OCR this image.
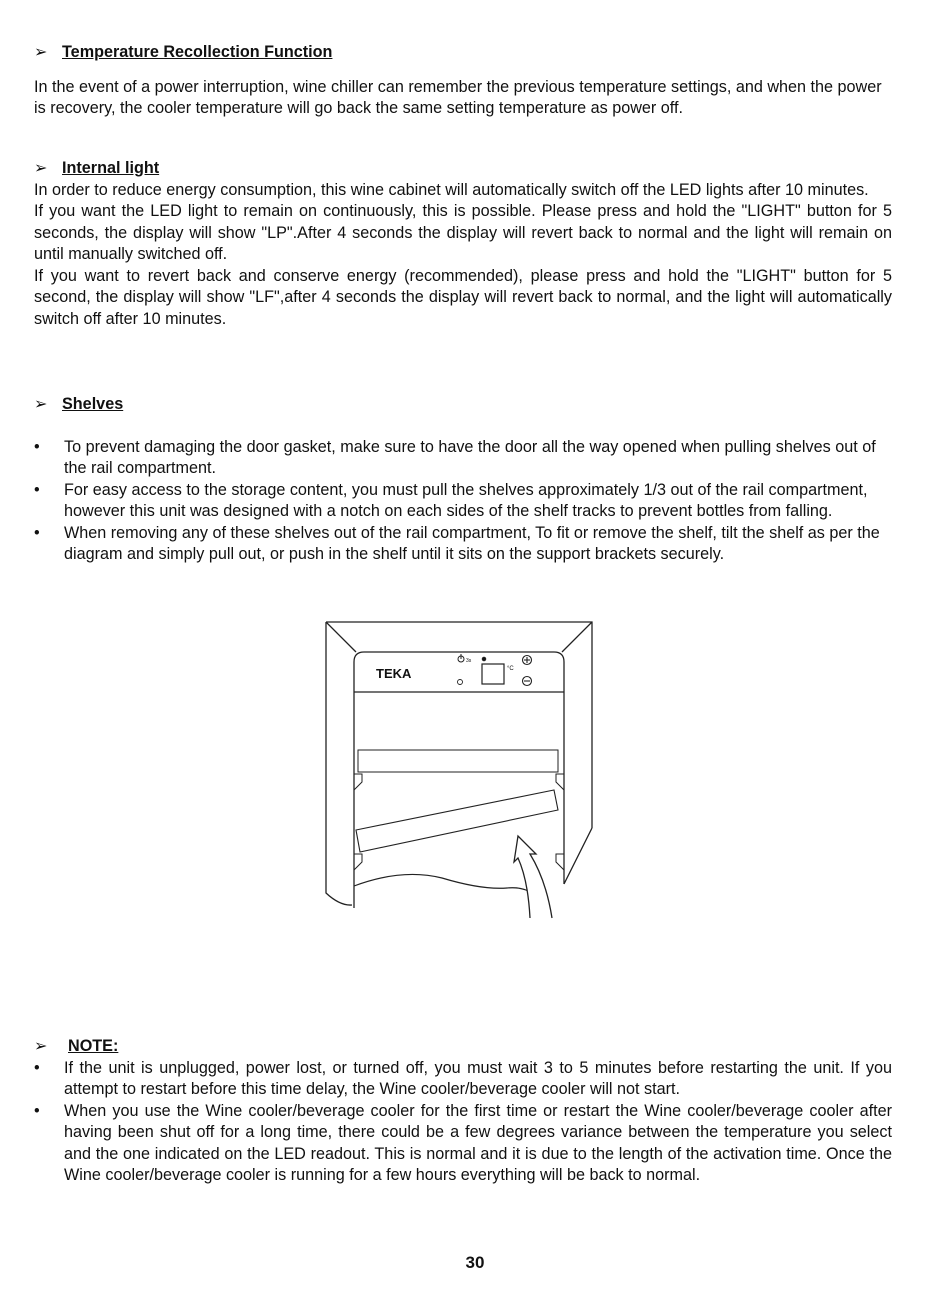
➢ Temperature Recollection Function

In the event of a power interruption, wine chiller can remember the previous temperature settings, and when the power is recovery, the cooler temperature will go back the same setting temperature as power off.

➢ Internal light

In order to reduce energy consumption, this wine cabinet will automatically switch off the LED lights after 10 minutes.

If you want the LED light to remain on continuously, this is possible. Please press and hold the "LIGHT" button for 5 seconds, the display will show "LP".After 4 seconds the display will revert back to normal and the light will remain on until manually switched off.

If you want to revert back and conserve energy (recommended), please press and hold the "LIGHT" button for 5 second, the display will show "LF",after 4 seconds the display will revert back to normal, and the light will automatically switch off after 10 minutes.

➢ Shelves
• To prevent damaging the door gasket, make sure to have the door all the way opened when pulling shelves out of the rail compartment.
• For easy access to the storage content, you must pull the shelves approximately 1/3 out of the rail compartment, however this unit was designed with a notch on each sides of the shelf tracks to prevent bottles from falling.
• When removing any of these shelves out of the rail compartment, To fit or remove the shelf, tilt the shelf as per the diagram and simply pull out, or push in the shelf until it sits on the support brackets securely.
TEKA
3s
°C
➢	NOTE:
• If the unit is unplugged, power lost, or turned off, you must wait 3 to 5 minutes before restarting the unit. If you attempt to restart before this time delay, the Wine cooler/beverage cooler will not start.
• When you use the Wine cooler/beverage cooler for the first time or restart the Wine cooler/beverage cooler after having been shut off for a long time, there could be a few degrees variance between the temperature you select and the one indicated on the LED readout. This is normal and it is due to the length of the activation time. Once the Wine cooler/beverage cooler is running for a few hours everything will be back to normal.
30
